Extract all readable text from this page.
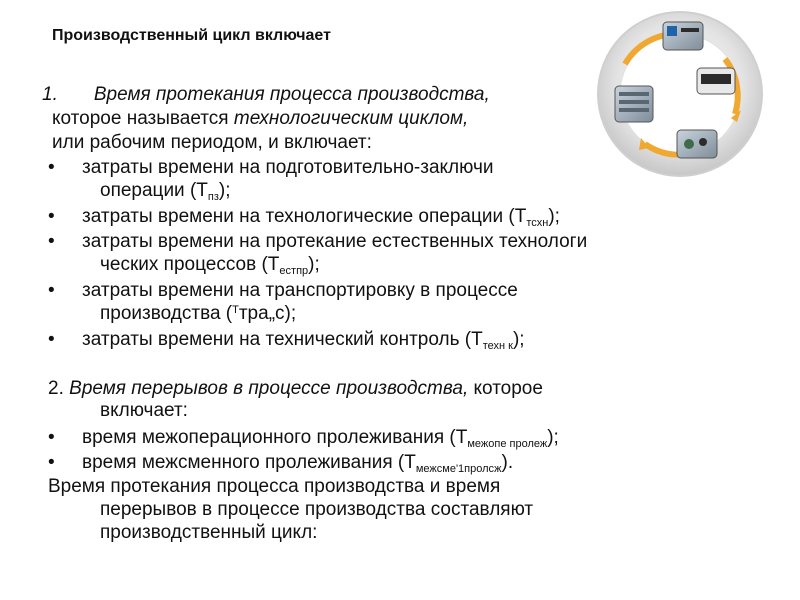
Производственный цикл включает
1. Время протекания процесса производства,
которое называется технологическим циклом,
или рабочим периодом, и включает:
• затраты времени на подготовительно-заключи
операции $(Т_{пз})$;
• затраты времени на технологические операции $(Т_{тсхн})$;
• затраты времени на протекание естественных технологи
ческих процессов $(Т_{естпр})$;
• затраты времени на транспортировку в процессе
производства ($^Т$тра„с);
• затраты времени на технический контроль $(Т_{техн к})$;
2. Время перерывов в процессе производства, которое
включает:
• время межоперационного пролеживания $(Т_{межопе пролеж})$;
• время межсменного пролеживания $(Т_{межсме'1пролсж})$.
Время протекания процесса производства и время
перерывов в процессе производства составляют
производственный цикл:
